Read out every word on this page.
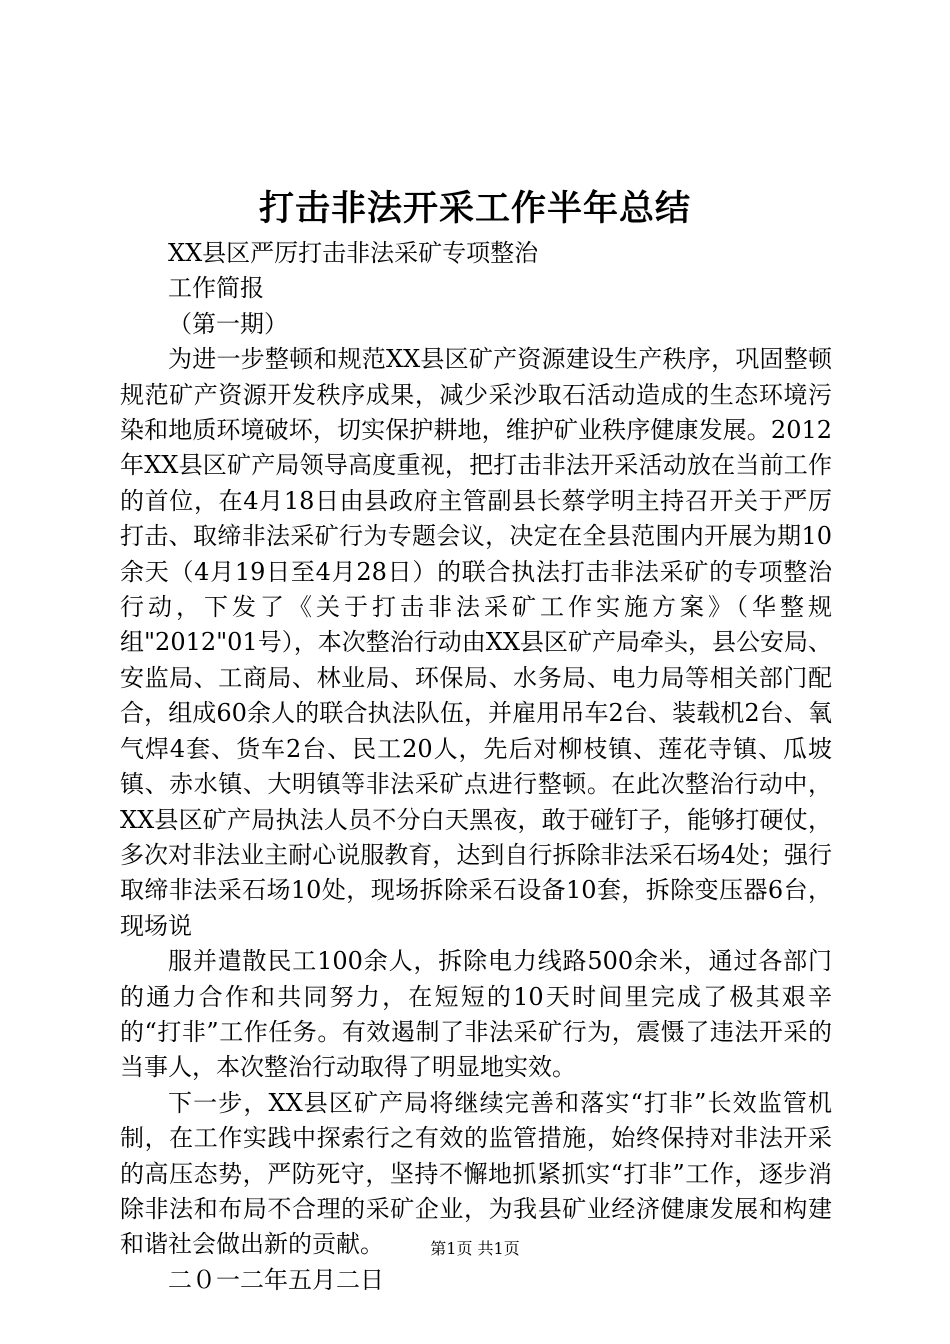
打击非法开采工作半年总结

XX县区严厉打击非法采矿专项整治

工作简报

（第一期）

为进一步整顿和规范XX县区矿产资源建设生产秩序，巩固整顿规范矿产资源开发秩序成果，减少采沙取石活动造成的生态环境污染和地质环境破坏，切实保护耕地，维护矿业秩序健康发展。2012年XX县区矿产局领导高度重视，把打击非法开采活动放在当前工作的首位，在4月18日由县政府主管副县长蔡学明主持召开关于严厉打击、取缔非法采矿行为专题会议，决定在全县范围内开展为期10余天（4月19日至4月28日）的联合执法打击非法采矿的专项整治行动，下发了《关于打击非法采矿工作实施方案》（华整规组"2012"01号），本次整治行动由XX县区矿产局牵头，县公安局、安监局、工商局、林业局、环保局、水务局、电力局等相关部门配合，组成60余人的联合执法队伍，并雇用吊车2台、装载机2台、氧气焊4套、货车2台、民工20人，先后对柳枝镇、莲花寺镇、瓜坡镇、赤水镇、大明镇等非法采矿点进行整顿。在此次整治行动中，XX县区矿产局执法人员不分白天黑夜，敢于碰钉子，能够打硬仗，多次对非法业主耐心说服教育，达到自行拆除非法采石场4处；强行取缔非法采石场10处，现场拆除采石设备10套，拆除变压器6台，现场说

服并遣散民工100余人，拆除电力线路500余米，通过各部门的通力合作和共同努力，在短短的10天时间里完成了极其艰辛的“打非”工作任务。有效遏制了非法采矿行为，震慑了违法开采的当事人，本次整治行动取得了明显地实效。

下一步，XX县区矿产局将继续完善和落实“打非”长效监管机制，在工作实践中探索行之有效的监管措施，始终保持对非法开采的高压态势，严防死守，坚持不懈地抓紧抓实“打非”工作，逐步消除非法和布局不合理的采矿企业，为我县矿业经济健康发展和构建和谐社会做出新的贡献。

二０一二年五月二日

第1页 共1页
